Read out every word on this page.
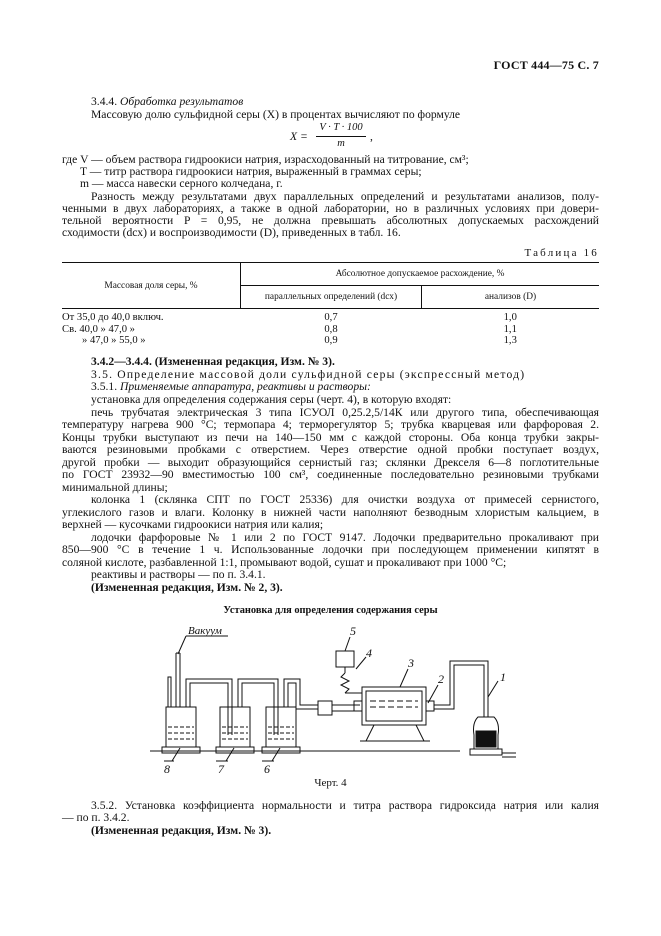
ГОСТ 444—75 С. 7
3.4.4. Обработка результатов
Массовую долю сульфидной серы (X) в процентах вычисляют по формуле
X =
V · T · 100
m
,
где V — объем раствора гидроокиси натрия, израсходованный на титрование, см³;
T — титр раствора гидроокиси натрия, выраженный в граммах серы;
m — масса навески серного колчедана, г.
Разность между результатами двух параллельных определений и результатами анализов, полу-
ченными в двух лабораториях, а также в одной лаборатории, но в различных условиях при довери-
тельной вероятности P = 0,95, не должна превышать абсолютных допускаемых расхождений
сходимости (dсх) и воспроизводимости (D), приведенных в табл. 16.
Таблица 16
Массовая доля серы, %	Абсолютное допускаемое расхождение, %	
	параллельных определений (dсх)	анализов (D)
От 35,0 до 40,0 включ.	0,7	1,0
Св. 40,0 » 47,0 »	0,8	1,1
» 47,0 » 55,0 »	0,9	1,3
3.4.2—3.4.4. (Измененная редакция, Изм. № 3).
3.5. Определение массовой доли сульфидной серы (экспрессный метод)
3.5.1. Применяемые аппаратура, реактивы и растворы:
установка для определения содержания серы (черт. 4), в которую входят:
печь трубчатая электрическая 3 типа ICУОЛ 0,25.2,5/14К или другого типа, обеспечивающая
температуру нагрева 900 °С; термопара 4; терморегулятор 5; трубка кварцевая или фарфоровая 2.
Концы трубки выступают из печи на 140—150 мм с каждой стороны. Оба конца трубки закры-
ваются резиновыми пробками с отверстием. Через отверстие одной пробки поступает воздух,
другой пробки — выходит образующийся сернистый газ; склянки Дрекселя 6—8 поглотительные
по ГОСТ 23932—90 вместимостью 100 см³, соединенные последовательно резиновыми трубками
минимальной длины;
колонка 1 (склянка СПТ по ГОСТ 25336) для очистки воздуха от примесей сернистого,
углекислого газов и влаги. Колонку в нижней части наполняют безводным хлористым кальцием, в
верхней — кусочками гидроокиси натрия или калия;
лодочки фарфоровые № 1 или 2 по ГОСТ 9147. Лодочки предварительно прокаливают при
850—900 °С в течение 1 ч. Использованные лодочки при последующем применении кипятят в
соляной кислоте, разбавленной 1:1, промывают водой, сушат и прокаливают при 1000 °С;
реактивы и растворы — по п. 3.4.1.
(Измененная редакция, Изм. № 2, 3).
Установка для определения содержания серы
Вакуум
8	7	6
1
2
3
4
5
Черт. 4
3.5.2. Установка коэффициента нормальности и титра раствора гидроксида натрия или калия
— по п. 3.4.2.
(Измененная редакция, Изм. № 3).
